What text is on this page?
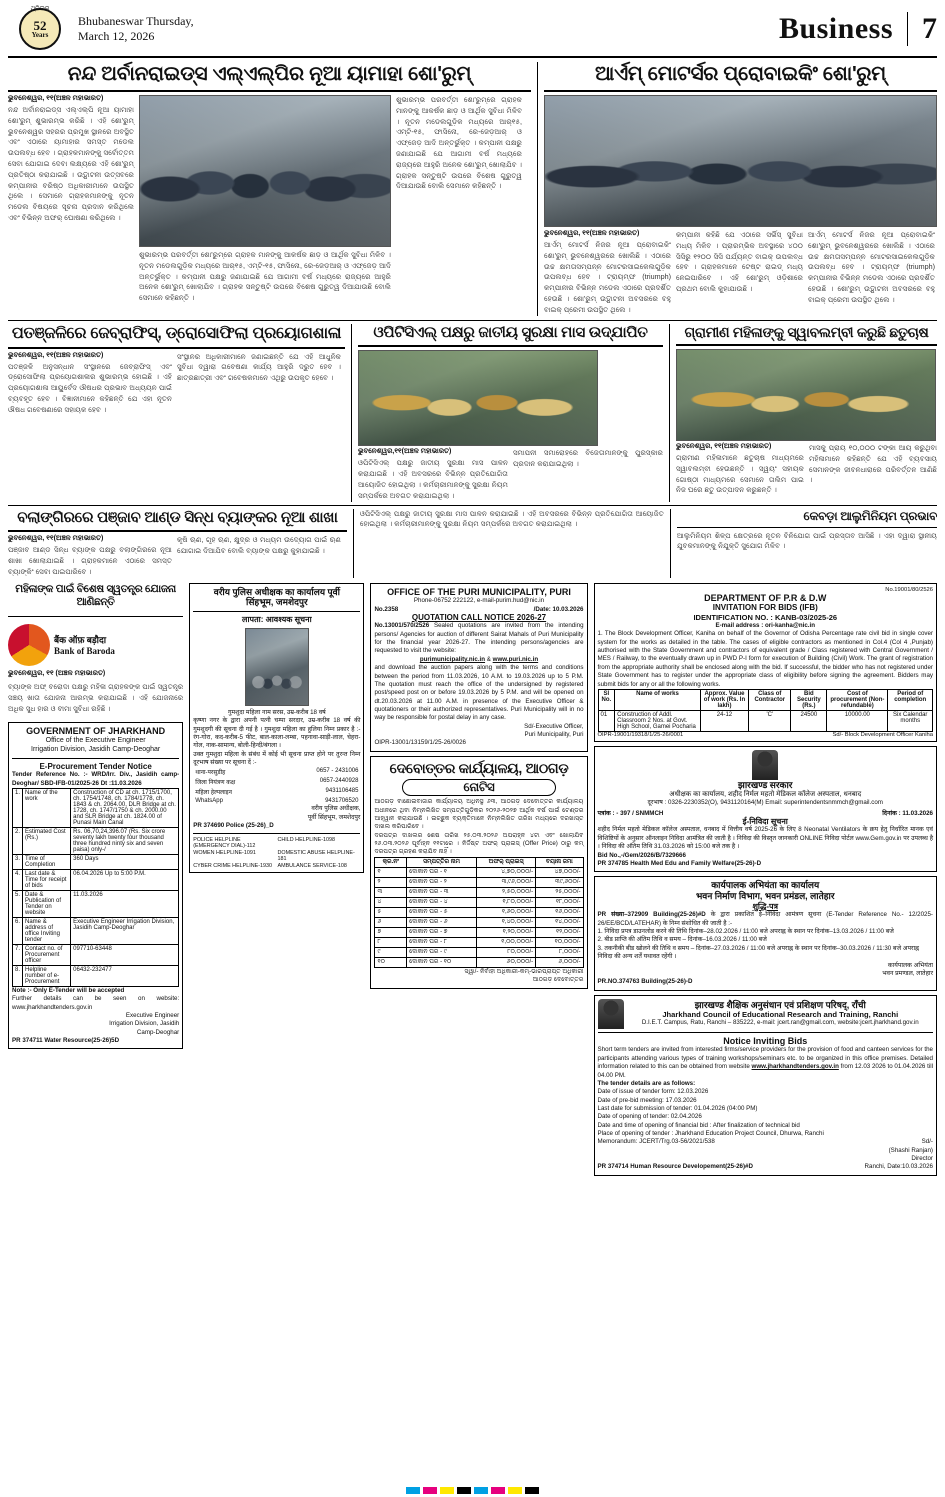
ଥ୍ରିଲର
52
Years
Bhubaneswar Thursday,
March 12, 2026	Business 7
ନନ୍ଦ ଅର୍ବାନରାଇଡ୍ସ ଏଲ୍ଏଲ୍ପିର ନୂଆ ୟାମାହା ଶୋ'ରୁମ୍
ଭୁବନେଶ୍ୱର, ୧୧(ଅଞ୍ଚଳ ମହାଭାରତ)
ନନ୍ଦ ଅର୍ବାନରାଇଡ୍ସ ଏଲ୍ଏଲ୍ପି ନୂଆ ୟାମାହା ଶୋ'ରୁମ୍ ଶୁଭାରମ୍ଭ କରିଛି । ଏହି ଶୋ'ରୁମ୍ ଭୁବନେଶ୍ୱର ସହରର ପ୍ରମୁଖ ସ୍ଥାନରେ ଅବସ୍ଥିତ ଏବଂ ଏଠାରେ ୟାମାହାର ସମସ୍ତ ମଡେଲ ଉପଲବ୍ଧ ହେବ । ଗ୍ରାହକମାନଙ୍କୁ ସର୍ବୋତ୍ତମ ସେବା ଯୋଗାଇ ଦେବା ଲକ୍ଷ୍ୟରେ ଏହି ଶୋ'ରୁମ୍ ପ୍ରତିଷ୍ଠା କରାଯାଇଛି । ଉଦ୍ଘାଟନୀ ଉତ୍ସବରେ କମ୍ପାନୀର ବରିଷ୍ଠ ଅଧିକାରୀମାନେ ଉପସ୍ଥିତ ଥିଲେ । ସେମାନେ ଗ୍ରାହକମାନଙ୍କୁ ନୂତନ ମଡେଲ ବିଷୟରେ ସୂଚନା ପ୍ରଦାନ କରିଥିଲେ ଏବଂ ବିଭିନ୍ନ ଅଫର୍ ଘୋଷଣା କରିଥିଲେ ।
ଶୁଭାରମ୍ଭ ପରବର୍ତ୍ତୀ ଶୋ'ରୁମ୍ରେ ଗ୍ରାହକ ମାନଙ୍କୁ ଆକର୍ଷକ ଛାଡ଼ ଓ ଆର୍ଥିକ ସୁବିଧା ମିଳିବ । ନୂତନ ମଡେଲଗୁଡ଼ିକ ମଧ୍ୟରେ ଆର୍୧୫, ଏମ୍ଟି-୧୫, ଫାସିନୋ, ରେ-ଜେଡ଼ଆର୍ ଓ ଏଫ୍ଜେଡ଼ ଆଦି ଅନ୍ତର୍ଭୁକ୍ତ । କମ୍ପାନୀ ପକ୍ଷରୁ ଜଣାଯାଇଛି ଯେ ଆଗାମୀ ବର୍ଷ ମଧ୍ୟରେ ରାଜ୍ୟରେ ଆହୁରି ଅନେକ ଶୋ'ରୁମ୍ ଖୋଲାଯିବ । ଗ୍ରାହକ ସନ୍ତୁଷ୍ଟି ଉପରେ ବିଶେଷ ଗୁରୁତ୍ୱ ଦିଆଯାଉଛି ବୋଲି ସେମାନେ କହିଛନ୍ତି ।
ଶୁଭାରମ୍ଭ ପରବର୍ତ୍ତୀ ଶୋ'ରୁମ୍ରେ ଗ୍ରାହକ ମାନଙ୍କୁ ଆକର୍ଷକ ଛାଡ଼ ଓ ଆର୍ଥିକ ସୁବିଧା ମିଳିବ । ନୂତନ ମଡେଲଗୁଡ଼ିକ ମଧ୍ୟରେ ଆର୍୧୫, ଏମ୍ଟି-୧୫, ଫାସିନୋ, ରେ-ଜେଡ଼ଆର୍ ଓ ଏଫ୍ଜେଡ଼ ଆଦି ଅନ୍ତର୍ଭୁକ୍ତ । କମ୍ପାନୀ ପକ୍ଷରୁ ଜଣାଯାଇଛି ଯେ ଆଗାମୀ ବର୍ଷ ମଧ୍ୟରେ ରାଜ୍ୟରେ ଆହୁରି ଅନେକ ଶୋ'ରୁମ୍ ଖୋଲାଯିବ । ଗ୍ରାହକ ସନ୍ତୁଷ୍ଟି ଉପରେ ବିଶେଷ ଗୁରୁତ୍ୱ ଦିଆଯାଉଛି ବୋଲି ସେମାନେ କହିଛନ୍ତି ।
ଆର୍ଏମ୍ ମୋଟର୍ସର ପ୍ରୋବାଇକିଂ ଶୋ'ରୁମ୍
ଭୁବନେଶ୍ୱର, ୧୧(ଅଞ୍ଚଳ ମହାଭାରତ)
ଆର୍ଏମ୍ ମୋଟର୍ସ ନିଜର ନୂଆ ପ୍ରୋବାଇକିଂ ଶୋ'ରୁମ୍ ଭୁବନେଶ୍ୱରରେ ଖୋଲିଛି । ଏଠାରେ ଉଚ୍ଚ କ୍ଷମତାସମ୍ପନ୍ନ ମୋଟରସାଇକେଲଗୁଡ଼ିକ ଉପଲବ୍ଧ ହେବ । ଟ୍ରାୟମ୍ଫ (triumph) କମ୍ପାନୀର ବିଭିନ୍ନ ମଡେଲ ଏଠାରେ ପ୍ରଦର୍ଶିତ ହେଉଛି । ଶୋ'ରୁମ୍ ଉଦ୍ଘାଟନୀ ଅବସରରେ ବହୁ ବାଇକ୍ ପ୍ରେମୀ ଉପସ୍ଥିତ ଥିଲେ ।
କମ୍ପାନୀ କହିଛି ଯେ ଏଠାରେ ସର୍ଭିସ୍ ସୁବିଧା ମଧ୍ୟ ମିଳିବ । ପ୍ରାରମ୍ଭିକ ଅବସ୍ଥାରେ ୪୦୦ ସିସିରୁ ୧୨୦୦ ସିସି ପର୍ଯ୍ୟନ୍ତ ବାଇକ୍ ଉପଲବ୍ଧ ହେବ । ଗ୍ରାହକମାନେ ଟେଷ୍ଟ ରାଇଡ୍ ମଧ୍ୟ ନେଇପାରିବେ । ଏହି ଶୋ'ରୁମ୍ ଓଡ଼ିଶାରେ ପ୍ରଥମ ବୋଲି କୁହାଯାଉଛି ।
ଆର୍ଏମ୍ ମୋଟର୍ସ ନିଜର ନୂଆ ପ୍ରୋବାଇକିଂ ଶୋ'ରୁମ୍ ଭୁବନେଶ୍ୱରରେ ଖୋଲିଛି । ଏଠାରେ ଉଚ୍ଚ କ୍ଷମତାସମ୍ପନ୍ନ ମୋଟରସାଇକେଲଗୁଡ଼ିକ ଉପଲବ୍ଧ ହେବ । ଟ୍ରାୟମ୍ଫ (triumph) କମ୍ପାନୀର ବିଭିନ୍ନ ମଡେଲ ଏଠାରେ ପ୍ରଦର୍ଶିତ ହେଉଛି । ଶୋ'ରୁମ୍ ଉଦ୍ଘାଟନୀ ଅବସରରେ ବହୁ ବାଇକ୍ ପ୍ରେମୀ ଉପସ୍ଥିତ ଥିଲେ ।
ପତଞ୍ଜଳିରେ ଜେବ୍ରାଫିସ୍, ଡ୍ରୋସୋଫିଲା ପ୍ରୟୋଗଶାଳା
ଭୁବନେଶ୍ୱର, ୧୧(ଅଞ୍ଚଳ ମହାଭାରତ)
ପତଞ୍ଜଳି ଅନୁସନ୍ଧାନ ସଂସ୍ଥାନରେ ଜେବ୍ରାଫିସ୍ ଏବଂ ଡ୍ରୋସୋଫିଲା ପ୍ରୟୋଗଶାଳାର ଶୁଭାରମ୍ଭ ହୋଇଛି । ଏହି ପ୍ରୟୋଗଶାଳା ଆୟୁର୍ବେଦ ଔଷଧର ପ୍ରଭାବ ଅଧ୍ୟୟନ ପାଇଁ ବ୍ୟବହୃତ ହେବ । ବିଜ୍ଞାନୀମାନେ କହିଛନ୍ତି ଯେ ଏହା ନୂତନ ଔଷଧ ଗବେଷଣାରେ ସହାୟକ ହେବ ।
ସଂସ୍ଥାନର ଅଧିକାରୀମାନେ ଜଣାଇଛନ୍ତି ଯେ ଏହି ଆଧୁନିକ ସୁବିଧା ଦ୍ୱାରା ଗବେଷଣା କାର୍ଯ୍ୟ ଆହୁରି ଦ୍ରୁତ ହେବ । ଛାତ୍ରଛାତ୍ରୀ ଏବଂ ଗବେଷକମାନେ ଏଥିରୁ ଉପକୃତ ହେବେ ।
ଓପିଟିସିଏଲ୍ ପକ୍ଷରୁ ଜାତୀୟ ସୁରକ୍ଷା ମାସ ଉଦ୍ଯାପିତ
ଭୁବନେଶ୍ୱର,୧୧(ଅଞ୍ଚଳ ମହାଭାରତ)
ଓପିଟିସିଏଲ୍ ପକ୍ଷରୁ ଜାତୀୟ ସୁରକ୍ଷା ମାସ ପାଳନ କରାଯାଇଛି । ଏହି ଅବସରରେ ବିଭିନ୍ନ ପ୍ରତିଯୋଗିତା ଆୟୋଜିତ ହୋଇଥିଲା । କର୍ମଚାରୀମାନଙ୍କୁ ସୁରକ୍ଷା ନିୟମ ସମ୍ପର୍କରେ ଅବଗତ କରାଯାଇଥିଲା ।
ସମାପନୀ ସମାରୋହରେ ବିଜେତାମାନଙ୍କୁ ପୁରସ୍କାର ପ୍ରଦାନ କରାଯାଇଥିଲା ।
ଗ୍ରାମୀଣ ମହିଳାଙ୍କୁ ସ୍ୱାବଲମ୍ବୀ କରୁଛି ଛତୁଚାଷ
ଭୁବନେଶ୍ୱର, ୧୧(ଅଞ୍ଚଳ ମହାଭାରତ)
ଗ୍ରାମୀଣ ମହିଳାମାନେ ଛତୁଚାଷ ମାଧ୍ୟମରେ ସ୍ୱାବଲମ୍ବୀ ହେଉଛନ୍ତି । ସ୍ୱୟଂ ସହାୟକ ଗୋଷ୍ଠୀ ମାଧ୍ୟମରେ ସେମାନେ ତାଲିମ ପାଇ ନିଜ ଘରେ ଛତୁ ଉତ୍ପାଦନ କରୁଛନ୍ତି ।
ମାସକୁ ପ୍ରାୟ ୧୦,୦୦୦ ଟଙ୍କା ଆୟ କରୁଥିବା ମହିଳାମାନେ କହିଛନ୍ତି ଯେ ଏହି ବ୍ୟବସାୟ ସେମାନଙ୍କ ଜୀବନଧାରାରେ ପରିବର୍ତ୍ତନ ଆଣିଛି ।
ବଲାଙ୍ଗିରରେ ପଞ୍ଜାବ ଆଣ୍ଡ ସିନ୍ଧ ବ୍ୟାଙ୍କର ନୂଆ ଶାଖା
ଭୁବନେଶ୍ୱର, ୧୧(ଅଞ୍ଚଳ ମହାଭାରତ)
ପଞ୍ଜାବ ଆଣ୍ଡ ସିନ୍ଧ ବ୍ୟାଙ୍କ ପକ୍ଷରୁ ବଲାଙ୍ଗିରରେ ନୂଆ ଶାଖା ଖୋଲାଯାଇଛି । ଗ୍ରାହକମାନେ ଏଠାରେ ସମସ୍ତ ବ୍ୟାଙ୍କିଂ ସେବା ପାଇପାରିବେ ।
କୃଷି ଋଣ, ଗୃହ ଋଣ, କ୍ଷୁଦ୍ର ଓ ମଧ୍ୟମ ଉଦ୍ୟୋଗ ପାଇଁ ଋଣ ଯୋଗାଇ ଦିଆଯିବ ବୋଲି ବ୍ୟାଙ୍କ ପକ୍ଷରୁ କୁହାଯାଇଛି ।
ଓପିଟିସିଏଲ୍ ପକ୍ଷରୁ ଜାତୀୟ ସୁରକ୍ଷା ମାସ ପାଳନ କରାଯାଇଛି । ଏହି ଅବସରରେ ବିଭିନ୍ନ ପ୍ରତିଯୋଗିତା ଆୟୋଜିତ ହୋଇଥିଲା । କର୍ମଚାରୀମାନଙ୍କୁ ସୁରକ୍ଷା ନିୟମ ସମ୍ପର୍କରେ ଅବଗତ କରାଯାଇଥିଲା ।
କେବଡ଼ା ଆଲୁମିନିୟମ ପ୍ରଭାବ
ଆଲୁମିନିୟମ ଶିଳ୍ପ କ୍ଷେତ୍ରରେ ନୂତନ ବିନିଯୋଗ ପାଇଁ ପ୍ରସ୍ତାବ ଆସିଛି । ଏହା ଦ୍ୱାରା ସ୍ଥାନୀୟ ଯୁବକମାନଙ୍କୁ ନିଯୁକ୍ତି ସୁଯୋଗ ମିଳିବ ।
ମହିଳାଙ୍କ ପାଇଁ ବିଶେଷ ସ୍ୱତନ୍ତ୍ର ଯୋଜନା ଆଣିଛନ୍ତି
बैंक ऑफ़ बड़ौदा
Bank of Baroda
ଭୁବନେଶ୍ୱର, ୧୧ (ଅଞ୍ଚଳ ମହାଭାରତ)
ବ୍ୟାଙ୍କ ଅଫ୍ ବରୋଦା ପକ୍ଷରୁ ମହିଳା ଗ୍ରାହକଙ୍କ ପାଇଁ ସ୍ୱତନ୍ତ୍ର ସଞ୍ଚୟ ଖାତା ଯୋଜନା ଆରମ୍ଭ କରାଯାଇଛି । ଏହି ଯୋଜନାରେ ଅଧିକ ସୁଧ ହାର ଓ ବୀମା ସୁବିଧା ରହିଛି ।
GOVERNMENT OF JHARKHAND
Office of the Executive Engineer
Irrigation Division, Jasidih Camp-Deoghar
E-Procurement Tender Notice
Tender Reference No. :- WRD/Irr. Div., Jasidih camp-Deoghar/ SBD-IFB-01/2025-26 Dt :11.03.2026
1.	Name of the work	Construction of CD at ch. 1715/1700, ch. 1754/1748, ch. 1784/1778, ch. 1843 & ch. 2064.00, DLR Bridge at ch. 1728, ch. 1747/1750 & ch. 2000.00 and SLR Bridge at ch. 1824.00 of Punasi Main Canal
2.	Estimated Cost (Rs.)	Rs. 06,70,24,396.07 (Rs. Six crore seventy lakh twenty four thousand three hundred ninty six and seven paisa) only-/
3.	Time of Completion	360 Days
4.	Last date & Time for receipt of bids	06.04.2026 Up to 5:00 P.M.
5.	Date & Publication of Tender on website	11.03.2026
6.	Name & address of office Inviting tender	Executive Engineer Irrigation Division, Jasidih Camp-Deoghar
7.	Contact no. of Procurement officer	097710-63448
8.	Helpline number of e-Procurement	06432-232477
Note :- Only E-Tender will be accepted
Further details can be seen on website: www.jharkhandtenders.gov.in
Executive Engineer
Irrigation Division, Jasidih
Camp-Deoghar
PR 374711 Water Resource(25-26)5D
वरीय पुलिस अधीक्षक का कार्यालय पूर्वी
सिंहभूम, जमशेदपुर
लापता: आवश्यक सूचना
गुमशुदा महिला नाम सरस, उम्र-करीब 18 वर्ष
कृष्णा नगर के द्वारा अपनी पत्नी चम्पा सरदार, उम्र-करीब 18 वर्ष की गुमशुदगी की सूचना दी गई है । गुमशुदा महिला का हुलिया निम्न प्रकार है :- रंग-गोरा, कद-करीब-5 फीट, बाल-काला-लम्बा, पहनावा-साड़ी-लाल, चेहरा-गोल, नाक-सामान्य, बोली-हिन्दी/बंगला ।
उक्त गुमशुदा महिला के संबंध में कोई भी सूचना प्राप्त होने पर तुरन्त निम्न दूरभाष संख्या पर सूचना दें :-
थाना-परसुडीह	0657 - 2431006
जिला नियंत्रण कक्ष	0657-2440928
महिला हेल्पलाइन	9431106485
WhatsApp	9431706520
वरीय पुलिस अधीक्षक,
पूर्वी सिंहभूम, जमशेदपुर
PR 374690 Police (25-26)_D
POLICE HELPLINE (EMERGENCY DIAL)-112
CHILD HELPLINE-1098
WOMEN HELPLINE-1091	DOMESTIC ABUSE HELPLINE-181
CYBER CRIME HELPLINE-1930 AMBULANCE SERVICE-108
OFFICE OF THE PURI MUNICIPALITY, PURI
Phone-06752 222122, e-mail-purim.hud@nic.in
No.2358	/Date: 10.03.2026
QUOTATION CALL NOTICE 2026-27
No.13001/570/2526 Sealed quotations are invited from the intending persons/ Agencies for auction of different Sairat Mahals of Puri Municipality for the financial year 2026-27. The intending persons/agencies are requested to visit the website:
purimunicipality.nic.in & www.puri.nic.in
and download the auction papers along with the terms and conditions between the period from 11.03.2026, 10 A.M. to 19.03.2026 up to 5 P.M. The quotation must reach the office of the undersigned by registered post/speed post on or before 19.03.2026 by 5 P.M. and will be opened on dt.20.03.2026 at 11.00 A.M. in presence of the Executive Officer & quotationers or their authorized representatives. Puri Municipality will in no way be responsible for postal delay in any case.
Sd/-Executive Officer,
Puri Municipality, Puri
OIPR-13001/13159/1/25-26/0026
ଦେବୋତ୍ତର କାର୍ଯ୍ୟାଳୟ, ଆଠଗଡ଼
ନୋଟିସ
ଆଠଗଡ଼ ବାଛୋଇବାଜାର କାର୍ଯ୍ୟାଳୟ ଅଧିନସ୍ଥ ୬୩, ଆଠଗଡ଼ ଦେବୋତ୍ତର କାର୍ଯ୍ୟାଳୟ ଅଧୀନରେ ଥିବା ନିମ୍ନଲିଖିତ ସମ୍ପତ୍ତିଗୁଡ଼ିକର ୨୦୨୬-୨୦୨୭ ଆର୍ଥିକ ବର୍ଷ ପାଇଁ ଟେଣ୍ଡର ଆହ୍ୱାନ କରାଯାଉଛି । ଇଚ୍ଛୁକ ବ୍ୟକ୍ତିମାନେ ନିମ୍ନଲିଖିତ ତାରିଖ ମଧ୍ୟରେ ଦରଖାସ୍ତ ଦାଖଲ କରିପାରିବେ ।
ଦରପତ୍ର ଦାଖଲର ଶେଷ ତାରିଖ ୨୫.୦୩.୨୦୨୬ ଅପରାହ୍ନ ୪ଟା ଏବଂ ଖୋଲାଯିବ ୨୬.୦୩.୨୦୨୬ ପୂର୍ବାହ୍ନ ୧୧ଟାରେ । ନିର୍ଦ୍ଦିଷ୍ଟ ଅଫର୍ ପ୍ରାଇସ୍ (Offer Price) ଠାରୁ କମ୍ ଦରପତ୍ର ଗ୍ରହଣ କରାଯିବ ନାହିଁ ।
କ୍ର.ନଂ	ସମ୍ପତ୍ତିର ନାମ	ଅଫର୍ ପ୍ରାଇସ୍	ବୟାନା ଜମା
୧	ଦୋକାନ ଘର - ୧	୪,୭୦,୦୦୦/-	୪୭,୦୦୦/-
୨	ଦୋକାନ ଘର - ୨	୩,୯୬,୦୦୦/-	୩୯,୬୦୦/-
୩	ଦୋକାନ ଘର - ୩	୨,୫୦,୦୦୦/-	୨୫,୦୦୦/-
୪	ଦୋକାନ ଘର - ୪	୧,୮୦,୦୦୦/-	୧୮,୦୦୦/-
୫	ଦୋକାନ ଘର - ୫	୧,୬୦,୦୦୦/-	୧୬,୦୦୦/-
୬	ଦୋକାନ ଘର - ୬	୧,୪୦,୦୦୦/-	୧୪,୦୦୦/-
୭	ଦୋକାନ ଘର - ୭	୧,୨୦,୦୦୦/-	୧୨,୦୦୦/-
୮	ଦୋକାନ ଘର - ୮	୧,୦୦,୦୦୦/-	୧୦,୦୦୦/-
୯	ଦୋକାନ ଘର - ୯	୮୦,୦୦୦/-	୮,୦୦୦/-
୧୦	ଦୋକାନ ଘର - ୧୦	୬୦,୦୦୦/-	୬,୦୦୦/-
ସ୍ୱା/- ନିର୍ବାହୀ ଅଧିକାରୀ-କମ୍-ଭାରପ୍ରାପ୍ତ ଅଧିକାରୀ
ଆଠଗଡ଼ ଦେବୋତ୍ତର
No.19001/80/2526
DEPARTMENT OF P.R & D.W
INVITATION FOR BIDS (IFB)
IDENTIFICATION NO. : KANB-03/2025-26
E-mail address : ori-kanha@nic.in
1. The Block Development Officer, Kaniha on behalf of the Governor of Odisha Percentage rate civil bid in single cover system for the works as detailed in the table. The cases of eligible contractors as mentioned in Col.4 (Col 4 ,Punjab) authorised with the State Government and contractors of equivalent grade / Class registered with Central Government / MES / Railway, to the eventually drawn up in PWD P-I form for execution of Building (Civil) Work. The grant of registration from the appropriate authority shall be enclosed along with the bid. If successful, the bidder who has not registered under State Government has to register under the appropriate class of eligibility before signing the agreement. Bidders may submit bids for any or all the following works.
Sl No.	Name of works	Approx. Value of work (Rs. In lakh)	Class of Contractor	Bid Security (Rs.)	Cost of procurement (Non-refundable)	Period of completion
01	Construction of Addl. Classroom 2 Nos. at Govt. High School, Gamei Pocharia	24-12	'C'	24500	10000.00	Six Calendar months
OIPR-19001/19318/1/25-26/0001	Sd/- Block Development Officer Kaniha
झारखण्ड सरकार
अधीक्षक का कार्यालय, शहीद निर्मल महतो मेडिकल कॉलेज अस्पताल, धनबाद
दूरभाष : 0326-2230352(O), 9431120164(M) Email: superintendentsnmmch@gmail.com
पत्रांक : - 397 / SNMMCH	दिनांक : 11.03.2026
ई-निविदा सूचना
शहीद निर्मल महतो मेडिकल कॉलेज अस्पताल, धनबाद में वित्तीय वर्ष 2025-26 के लिए 8 Neonatal Ventilators के क्रय हेतु निर्धारित मानक एवं विशिष्टियों के अनुसार ऑनलाइन निविदा आमंत्रित की जाती है । निविदा की विस्तृत जानकारी ONLINE निविदा पोर्टल www.Gem.gov.in पर उपलब्ध है । निविदा की अंतिम तिथि 31.03.2026 को 15:00 बजे तक है ।
Bid No.,-/Gem/2026/B/7329666
PR 374785 Health Med Edu and Family Welfare(25-26)-D
कार्यपालक अभियंता का कार्यालय
भवन निर्माण विभाग, भवन प्रमंडल, लातेहार
शुद्धि-पत्र
PR संख्या–372909 Building(25-26)#D के द्वारा प्रकाशित ई–निविदा आमंत्रण सूचना (E-Tender Reference No.- 12/2025-26/EE/BCD/LATEHAR) के निम्न संशोधित की जाती है :-
1. निविदा प्रपत्र डाउनलोड करने की तिथि दिनांक–28.02.2026 / 11:00 बजे अपराह्न के स्थान पर दिनांक–13.03.2026 / 11:00 बजे
2. बीड प्राप्ति की अंतिम तिथि व समय – दिनांक–16.03.2026 / 11:00 बजे
3. तकनीकी बीड खोलने की तिथि व समय – दिनांक–27.03.2026 / 11:00 बजे अपराह्न के स्थान पर दिनांक–30.03.2026 / 11:30 बजे अपराह्न
निविदा की अन्य शर्तें यथावत रहेंगी ।
कार्यपालक अभियंता
भवन प्रमण्डल, लातेहार
PR.NO.374763 Building(25-26)-D
झारखण्ड शैक्षिक अनुसंधान एवं प्रशिक्षण परिषद्, राँची
Jharkhand Council of Educational Research and Training, Ranchi
D.I.E.T. Campus, Ratu, Ranchi – 835222, e-mail: jcert.ran@gmail.com, website:jcert.jharkhand.gov.in
Notice Inviting Bids
Short term tenders are invited from interested firms/service providers for the provision of food and canteen services for the participants attending various types of training workshops/seminars etc. to be organized in this office premises. Detailed information related to this can be obtained from website www.jharkhandtenders.gov.in from 12.03 2026 to 01.04.2026 till 04.00 PM.
The tender details are as follows:
Date of issue of tender form: 12.03.2026
Date of pre-bid meeting: 17.03.2026
Last date for submission of tender: 01.04.2026 (04:00 PM)
Date of opening of tender: 02.04.2026
Date and time of opening of financial bid : After finalization of technical bid
Place of opening of tender : Jharkhand Education Project Council, Dhurwa, Ranchi
Memorandum: JCERT/Trg.03-56/2021/538	Sd/-
(Shashi Ranjan)
Director
PR 374714 Human Resource Developement(25-26)#D	Ranchi, Date:10.03.2026
